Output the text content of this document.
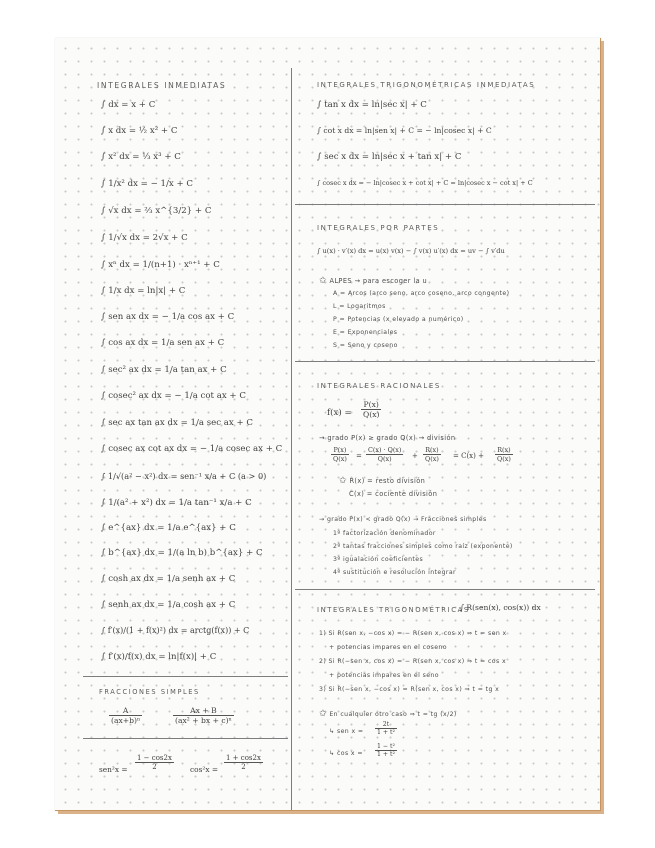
INTEGRALES INMEDIATAS
∫ dx = x + C
∫ x dx = ½ x² + C
∫ x² dx = ⅓ x³ + C
∫ 1/x² dx = − 1/x + C
∫ √x dx = ⅔ x^{3/2} + C
∫ 1/√x dx = 2√x + C
∫ xⁿ dx = 1/(n+1) · xⁿ⁺¹ + C
∫ 1/x dx = ln|x| + C
∫ sen ax dx = − 1/a cos ax + C
∫ cos ax dx = 1/a sen ax + C
∫ sec² ax dx = 1/a tan ax + C
∫ cosec² ax dx = − 1/a cot ax + C
∫ sec ax tan ax dx = 1/a sec ax + C
∫ cosec ax cot ax dx = − 1/a cosec ax + C
∫ 1/√(a² − x²) dx = sen⁻¹ x/a + C (a > 0)
∫ 1/(a² + x²) dx = 1/a tan⁻¹ x/a + C
∫ e^{ax} dx = 1/a e^{ax} + C
∫ b^{ax} dx = 1/(a ln b) b^{ax} + C
∫ cosh ax dx = 1/a senh ax + C
∫ senh ax dx = 1/a cosh ax + C
∫ f′(x)/(1 + f(x)²) dx = arctg(f(x)) + C
∫ f′(x)/f(x) dx = ln|f(x)| + C
FRACCIONES SIMPLES
$\frac{A}{\text{(ax+b)ⁿ}}$	$\frac{Ax + B}{\text{(ax² + bx + c)ⁿ}}$
$sen^2x = \frac{1 - \cos 2x}{2} \cos^2x = \frac{1 + \cos 2x}{2}$
INTEGRALES TRIGONOMÉTRICAS INMEDIATAS
∫ tan x dx = ln|sec x| + C
∫ cot x dx = ln|sen x| + C = − ln|cosec x| + C
∫ sec x dx = ln|sec x + tan x| + C
∫ cosec x dx = − ln|cosec x + cot x| + C = ln|cosec x − cot x| + C
INTEGRALES POR PARTES
∫ u(x) · v′(x) dx = u(x) v(x) − ∫ v(x) u′(x) dx = uv − ∫ v′du
✩ ALPES → para escoger la u
A = Arcos (arco seno, arco coseno, arco congente)
L = Logaritmos
P = Potencias (x elevado a numérico)
E = Exponenciales
S = Seno y coseno
INTEGRALES RACIONALES
$f(x) = \frac{P(x)}{Q(x)}$
→ grado P(x) ≥ grado Q(x) → división
$\frac{P(x)}{Q(x)} = \frac{C(x) \cdot Q(x)}{Q(x)} + \frac{R(x)}{Q(x)} = C(x) + \frac{R(x)}{Q(x)}$
✩ R(x) = resto división
C(x) = cociente división
→ grado P(x) < grado Q(x) → Fracciones simples
1º factorización denominador
2º tantas fracciones simples como raíz (exponente)
3º igualación coeficientes
4º sustitución e resolución integrar
INTEGRALES TRIGONOMÉTRICAS
∫ R(sen(x), cos(x)) dx
1) Si R(sen x, −cos x) = − R(sen x, cos x) ⇒ t = sen x
+ potencias impares en el coseno
2) Si R(−sen x, cos x) = − R(sen x, cos x) ⇒ t = cos x
+ potencias impares en el seno
3) Si R(−sen x, −cos x) = R(sen x, cos x) ⇒ t = tg x
✩ En cualquier otro caso ⇒ t = tg (x/2)
↳ sen $x = \frac{2t}{\text{1 + t²}}$
↳ $\cos x = \frac{\text{1 − t²}}{\text{1 + t²}}$
